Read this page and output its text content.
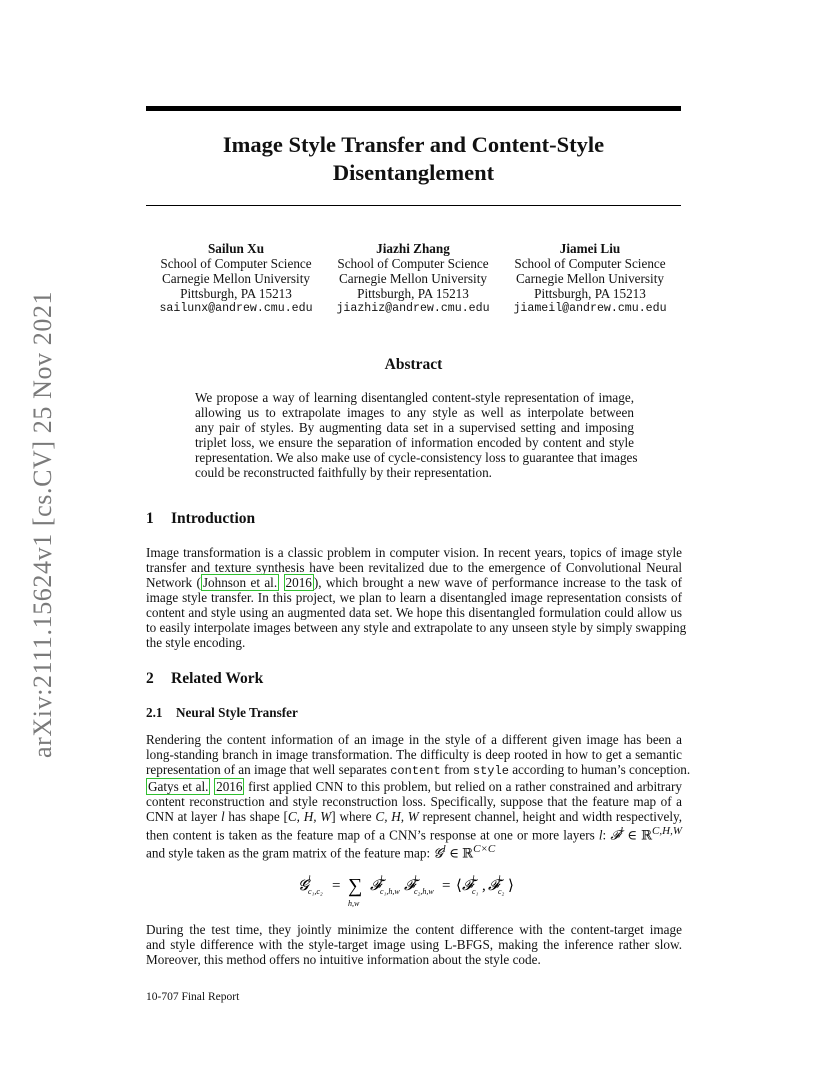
arXiv:2111.15624v1 [cs.CV] 25 Nov 2021
Image Style Transfer and Content-Style
Disentanglement
Sailun Xu
School of Computer Science
Carnegie Mellon University
Pittsburgh, PA 15213
sailunx@andrew.cmu.edu
Jiazhi Zhang
School of Computer Science
Carnegie Mellon University
Pittsburgh, PA 15213
jiazhiz@andrew.cmu.edu
Jiamei Liu
School of Computer Science
Carnegie Mellon University
Pittsburgh, PA 15213
jiameil@andrew.cmu.edu
Abstract
We propose a way of learning disentangled content-style representation of image,
allowing us to extrapolate images to any style as well as interpolate between
any pair of styles. By augmenting data set in a supervised setting and imposing
triplet loss, we ensure the separation of information encoded by content and style
representation. We also make use of cycle-consistency loss to guarantee that images
could be reconstructed faithfully by their representation.
1 Introduction
Image transformation is a classic problem in computer vision. In recent years, topics of image style
transfer and texture synthesis have been revitalized due to the emergence of Convolutional Neural
Network ( Johnson et al. 2016 ), which brought a new wave of performance increase to the task of
image style transfer. In this project, we plan to learn a disentangled image representation consists of
content and style using an augmented data set. We hope this disentangled formulation could allow us
to easily interpolate images between any style and extrapolate to any unseen style by simply swapping
the style encoding.
2 Related Work
2.1 Neural Style Transfer
Rendering the content information of an image in the style of a different given image has been a
long-standing branch in image transformation. The difficulty is deep rooted in how to get a semantic
representation of an image that well separates content from style according to human’s conception.
Gatys et al. 2016 first applied CNN to this problem, but relied on a rather constrained and arbitrary
content reconstruction and style reconstruction loss. Specifically, suppose that the feature map of a
CNN at layer l has shape [C, H, W] where C, H, W represent channel, height and width respectively,
then content is taken as the feature map of a CNN’s response at one or more layers l: 𝓕$^l$ ∈ ℝ$^{C,H,W}$
and style taken as the gram matrix of the feature map: 𝓖$^l$ ∈ ℝ$^{C\times C}$
𝓖 l
c₁,c₂ = ∑
h,w
𝓕
l
c₁,h,w 𝓕
l
c₂,h,w = ⟨ 𝓕
l
c₁ , 𝓕
l
c₂ ⟩
During the test time, they jointly minimize the content difference with the content-target image
and style difference with the style-target image using L-BFGS, making the inference rather slow.
Moreover, this method offers no intuitive information about the style code.
10-707 Final Report
